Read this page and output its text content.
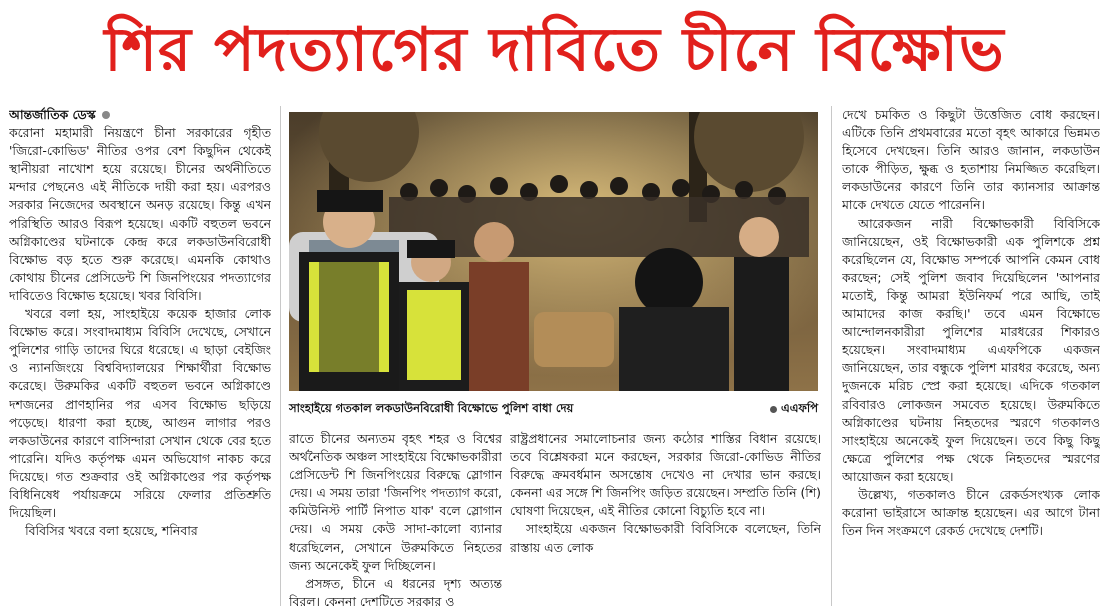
শির পদত্যাগের দাবিতে চীনে বিক্ষোভ
আন্তর্জাতিক ডেস্ক

করোনা মহামারী নিয়ন্ত্রণে চীনা সরকারের গৃহীত 'জিরো-কোভিড' নীতির ওপর বেশ কিছুদিন থেকেই স্থানীয়রা নাখোশ হয়ে রয়েছে। চীনের অর্থনীতিতে মন্দার পেছনেও এই নীতিকে দায়ী করা হয়। এরপরও সরকার নিজেদের অবস্থানে অনড় রয়েছে। কিন্তু এখন পরিস্থিতি আরও বিরূপ হয়েছে। একটি বহুতল ভবনে অগ্নিকাণ্ডের ঘটনাকে কেন্দ্র করে লকডাউনবিরোধী বিক্ষোভ বড় হতে শুরু করেছে। এমনকি কোথাও কোথায় চীনের প্রেসিডেন্ট শি জিনপিংয়ের পদত্যাগের দাবিতেও বিক্ষোভ হয়েছে। খবর বিবিসি।

খবরে বলা হয়, সাংহাইয়ে কয়েক হাজার লোক বিক্ষোভ করে। সংবাদমাধ্যম বিবিসি দেখেছে, সেখানে পুলিশের গাড়ি তাদের ঘিরে ধরেছে। এ ছাড়া বেইজিং ও ন্যানজিংয়ে বিশ্ববিদ্যালয়ের শিক্ষার্থীরা বিক্ষোভ করেছে। উরুমকির একটি বহুতল ভবনে অগ্নিকাণ্ডে দশজনের প্রাণহানির পর এসব বিক্ষোভ ছড়িয়ে পড়েছে। ধারণা করা হচ্ছে, আগুন লাগার পরও লকডাউনের কারণে বাসিন্দারা সেখান থেকে বের হতে পারেনি। যদিও কর্তৃপক্ষ এমন অভিযোগ নাকচ করে দিয়েছে। গত শুক্রবার ওই অগ্নিকাণ্ডের পর কর্তৃপক্ষ বিধিনিষেধ পর্যায়ক্রমে সরিয়ে ফেলার প্রতিশ্রুতি দিয়েছিল।

বিবিসির খবরে বলা হয়েছে, শনিবার

সাংহাইয়ে গতকাল লকডাউনবিরোধী বিক্ষোভে পুলিশ বাধা দেয়	এএফপি

রাতে চীনের অন্যতম বৃহৎ শহর ও বিশ্বের অর্থনৈতিক অঞ্চল সাংহাইয়ে বিক্ষোভকারীরা প্রেসিডেন্ট শি জিনপিংয়ের বিরুদ্ধে স্লোগান দেয়। এ সময় তারা 'জিনপিং পদত্যাগ করো, কমিউনিস্ট পার্টি নিপাত যাক' বলে স্লোগান দেয়। এ সময় কেউ সাদা-কালো ব্যানার ধরেছিলেন, সেখানে উরুমকিতে নিহতের জন্য অনেকেই ফুল দিচ্ছিলেন।

প্রসঙ্গত, চীনে এ ধরনের দৃশ্য অত্যন্ত বিরল। কেননা দেশটিতে সরকার ও

রাষ্ট্রপ্রধানের সমালোচনার জন্য কঠোর শাস্তির বিধান রয়েছে। তবে বিশ্লেষকরা মনে করছেন, সরকার জিরো-কোভিড নীতির বিরুদ্ধে ক্রমবর্ধমান অসন্তোষ দেখেও না দেখার ভান করছে। কেননা এর সঙ্গে শি জিনপিং জড়িত রয়েছেন। সম্প্রতি তিনি (শি) ঘোষণা দিয়েছেন, এই নীতির কোনো বিচ্যুতি হবে না।

সাংহাইয়ে একজন বিক্ষোভকারী বিবিসিকে বলেছেন, তিনি রাস্তায় এত লোক

দেখে চমকিত ও কিছুটা উত্তেজিত বোধ করছেন। এটিকে তিনি প্রথমবারের মতো বৃহৎ আকারে ভিন্নমত হিসেবে দেখছেন। তিনি আরও জানান, লকডাউন তাকে পীড়িত, ক্ষুব্ধ ও হতাশায় নিমজ্জিত করেছিল। লকডাউনের কারণে তিনি তার ক্যানসার আক্রান্ত মাকে দেখতে যেতে পারেননি।

আরেকজন নারী বিক্ষোভকারী বিবিসিকে জানিয়েছেন, ওই বিক্ষোভকারী এক পুলিশকে প্রশ্ন করেছিলেন যে, বিক্ষোভ সম্পর্কে আপনি কেমন বোধ করছেন; সেই পুলিশ জবাব দিয়েছিলেন 'আপনার মতোই, কিন্তু আমরা ইউনিফর্ম পরে আছি, তাই আমাদের কাজ করছি।' তবে এমন বিক্ষোভে আন্দোলনকারীরা পুলিশের মারধরের শিকারও হয়েছেন। সংবাদমাধ্যম এএফপিকে একজন জানিয়েছেন, তার বন্ধুকে পুলিশ মারধর করেছে, অন্য দুজনকে মরিচ স্প্রে করা হয়েছে। এদিকে গতকাল রবিবারও লোকজন সমবেত হয়েছে। উরুমকিতে অগ্নিকাণ্ডের ঘটনায় নিহতদের স্মরণে গতকালও সাংহাইয়ে অনেকেই ফুল দিয়েছেন। তবে কিছু কিছু ক্ষেত্রে পুলিশের পক্ষ থেকে নিহতদের স্মরণের আয়োজন করা হয়েছে।

উল্লেখ্য, গতকালও চীনে রেকর্ডসংখ্যক লোক করোনা ভাইরাসে আক্রান্ত হয়েছেন। এর আগে টানা তিন দিন সংক্রমণে রেকর্ড দেখেছে দেশটি।
